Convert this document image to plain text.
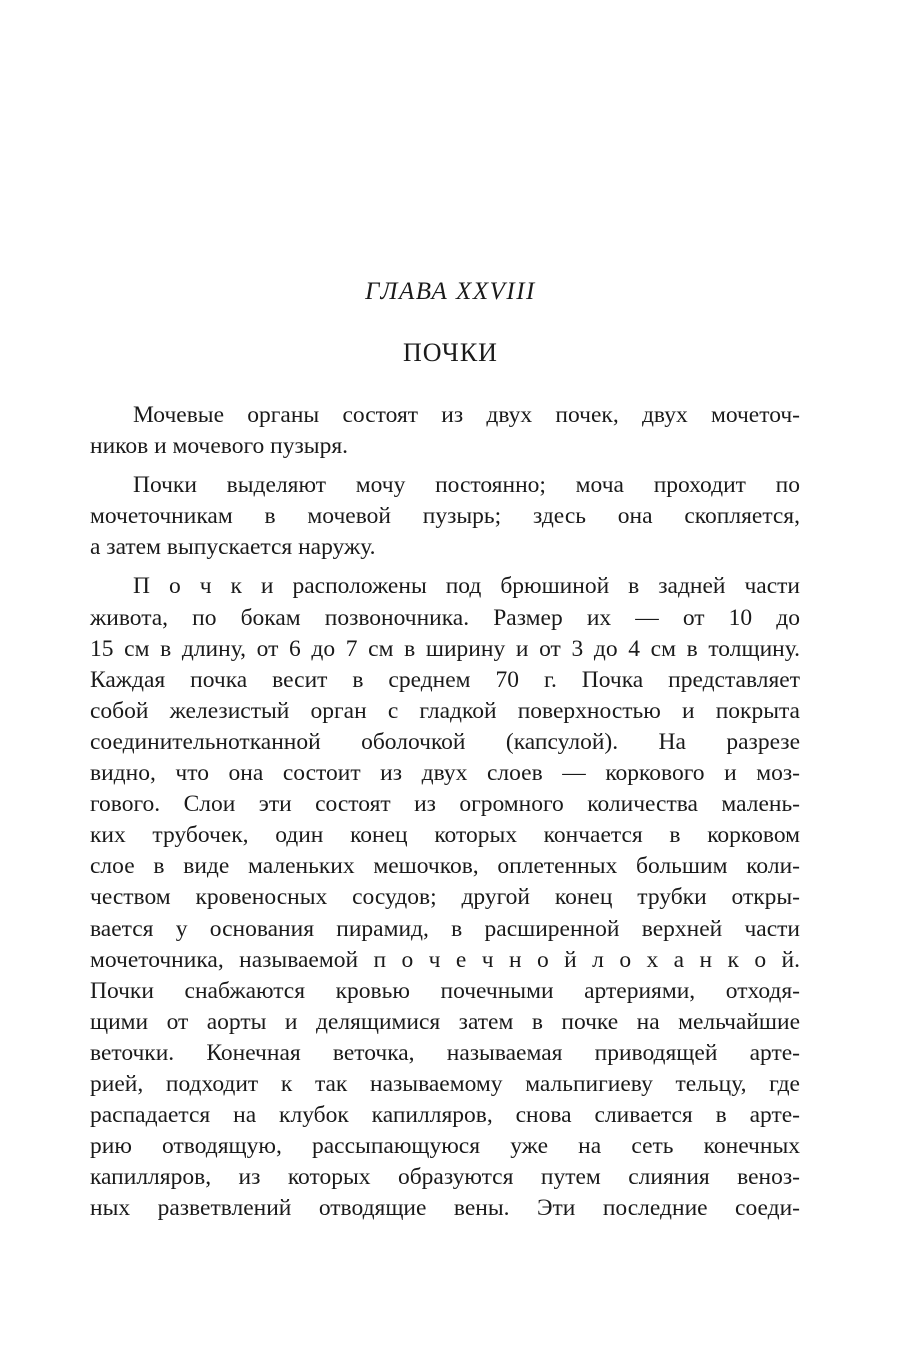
ГЛАВА XXVIII
ПОЧКИ
Мочевые органы состоят из двух почек, двух мочеточ-
ников и мочевого пузыря.
Почки выделяют мочу постоянно; моча проходит по
мочеточникам в мочевой пузырь; здесь она скопляется,
а затем выпускается наружу.
П о ч к и расположены под брюшиной в задней части
живота, по бокам позвоночника. Размер их — от 10 до
15 см в длину, от 6 до 7 см в ширину и от 3 до 4 см в толщину.
Каждая почка весит в среднем 70 г. Почка представляет
собой железистый орган с гладкой поверхностью и покрыта
соединительнотканной оболочкой (капсулой). На разрезе
видно, что она состоит из двух слоев — коркового и моз-
гового. Слои эти состоят из огромного количества малень-
ких трубочек, один конец которых кончается в корковом
слое в виде маленьких мешочков, оплетенных большим коли-
чеством кровеносных сосудов; другой конец трубки откры-
вается у основания пирамид, в расширенной верхней части
мочеточника, называемой п о ч е ч н о й л о х а н к о й.
Почки снабжаются кровью почечными артериями, отходя-
щими от аорты и делящимися затем в почке на мельчайшие
веточки. Конечная веточка, называемая приводящей арте-
рией, подходит к так называемому мальпигиеву тельцу, где
распадается на клубок капилляров, снова сливается в арте-
рию отводящую, рассыпающуюся уже на сеть конечных
капилляров, из которых образуются путем слияния веноз-
ных разветвлений отводящие вены. Эти последние соеди-
